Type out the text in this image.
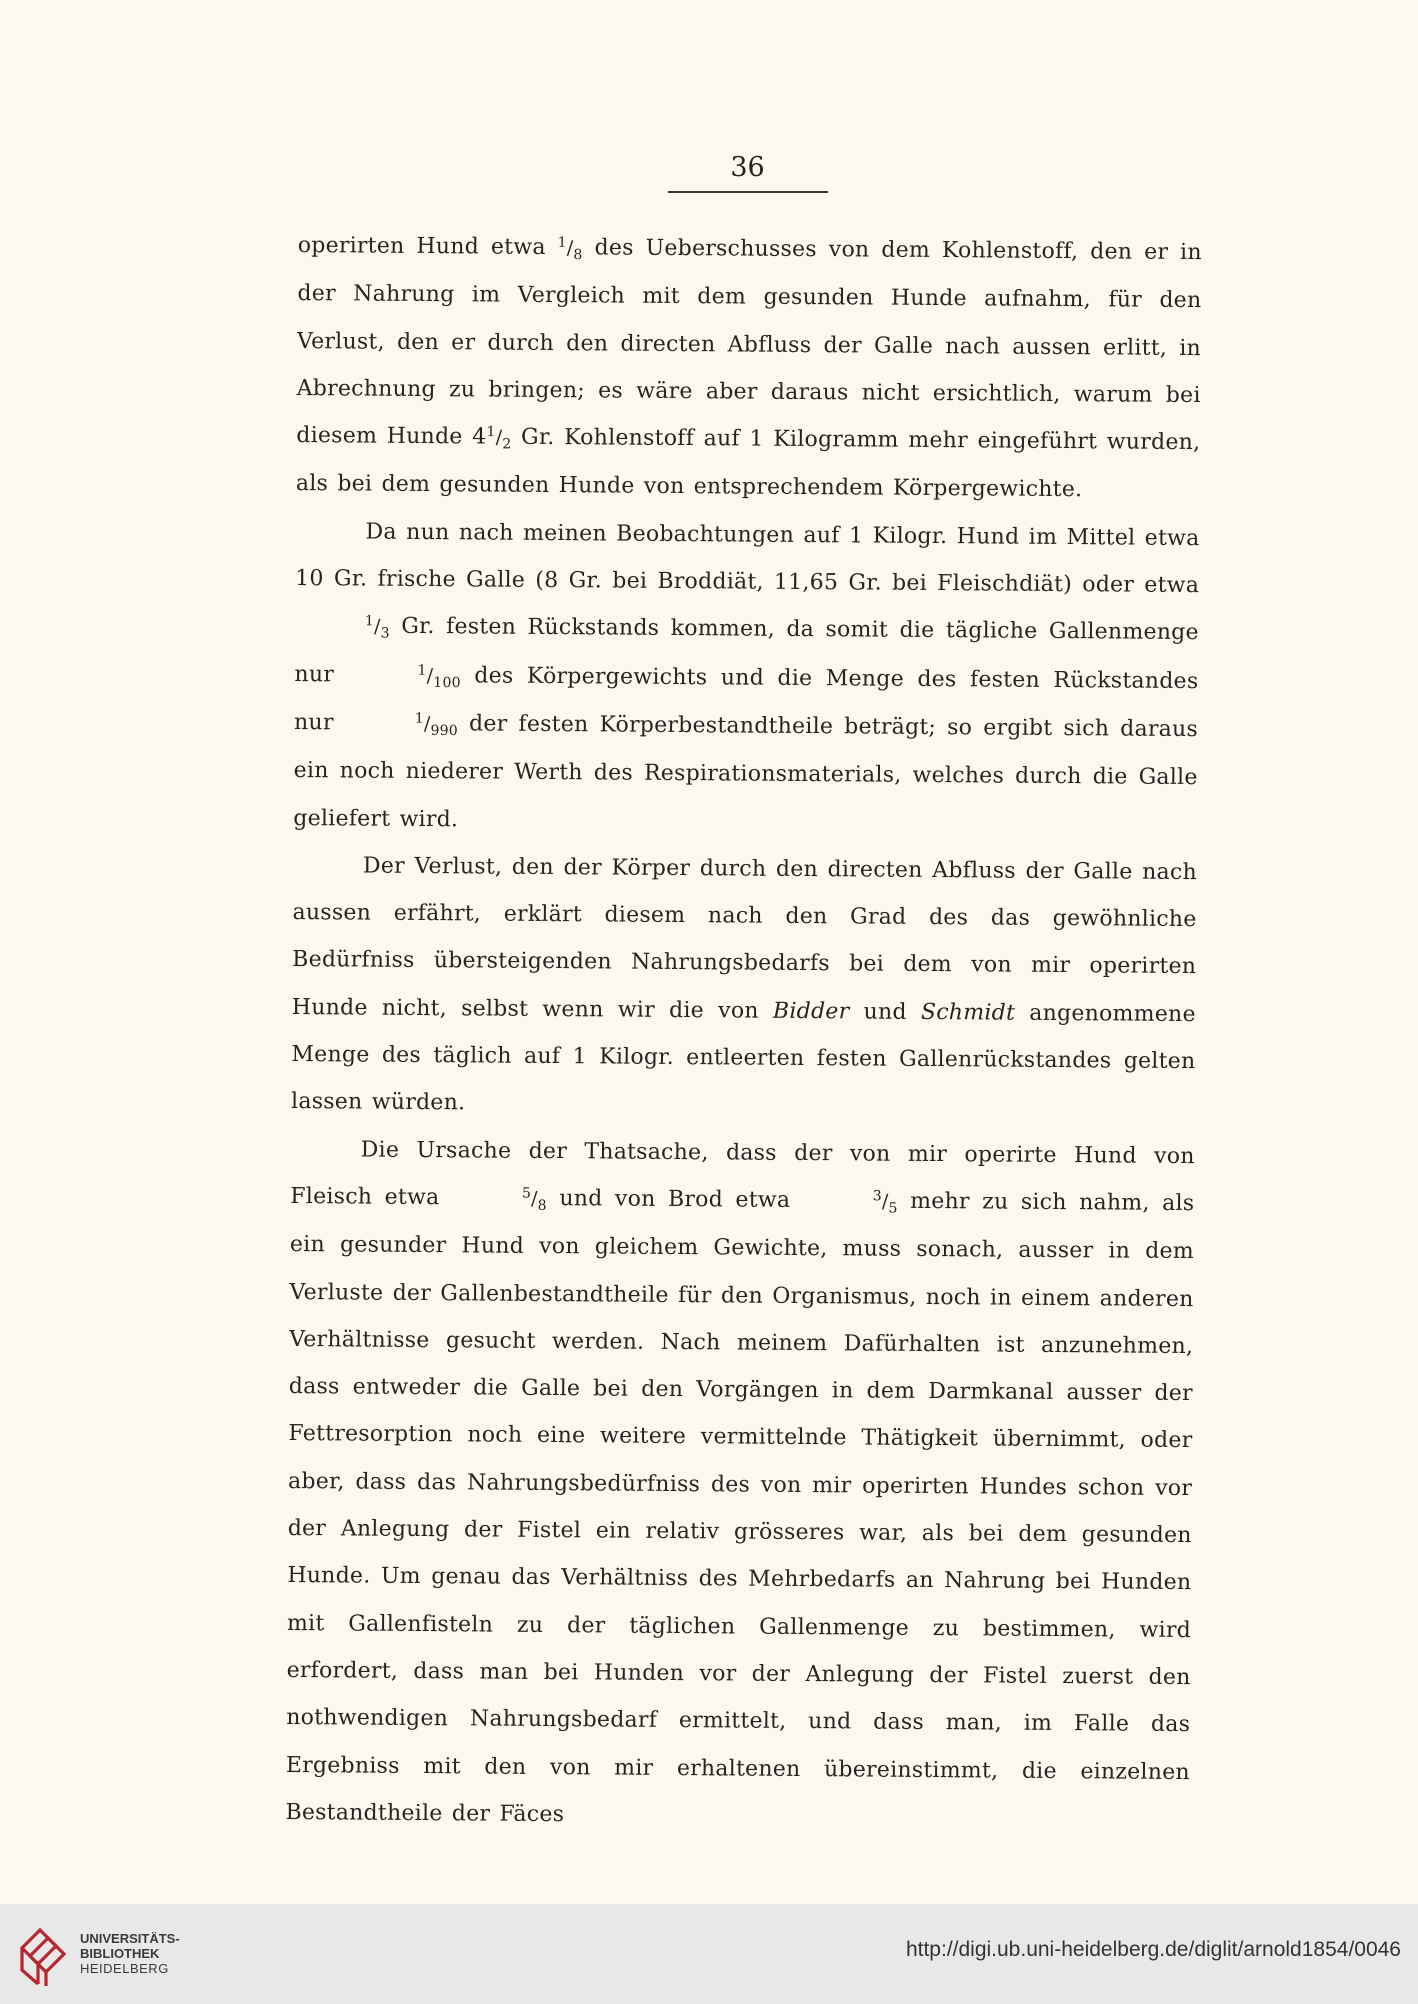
36

operirten Hund etwa $^1/_8$ des Ueberschusses von dem Kohlenstoff, den er in der Nahrung im Vergleich mit dem gesunden Hunde aufnahm, für den Verlust, den er durch den directen Abfluss der Galle nach aussen erlitt, in Abrechnung zu bringen; es wäre aber daraus nicht ersichtlich, warum bei diesem Hunde $4^1/_2$ Gr. Kohlenstoff auf 1 Kilogramm mehr eingeführt wurden, als bei dem gesunden Hunde von entsprechendem Körpergewichte.

Da nun nach meinen Beobachtungen auf 1 Kilogr. Hund im Mittel etwa 10 Gr. frische Galle (8 Gr. bei Broddiät, 11,65 Gr. bei Fleischdiät) oder etwa $^1/_3$ Gr. festen Rückstands kommen, da somit die tägliche Gallenmenge nur	$^1/_{100}$ des Körpergewichts und die Menge des festen Rückstandes nur	$^1/_{990}$ der festen Körperbestandtheile beträgt; so ergibt sich daraus ein noch niederer Werth des Respirationsmaterials, welches durch die Galle geliefert wird.

Der Verlust, den der Körper durch den directen Abfluss der Galle nach aussen erfährt, erklärt diesem nach den Grad des das gewöhnliche Bedürfniss übersteigenden Nahrungsbedarfs bei dem von mir operirten Hunde nicht, selbst wenn wir die von Bidder und Schmidt angenommene Menge des täglich auf 1 Kilogr. entleerten festen Gallenrückstandes gelten lassen würden.

Die Ursache der Thatsache, dass der von mir operirte Hund von Fleisch etwa	$^5/_8$ und von Brod etwa	$^3/_5$ mehr zu sich nahm, als ein gesunder Hund von gleichem Gewichte, muss sonach, ausser in dem Verluste der Gallenbestandtheile für den Organismus, noch in einem anderen Verhältnisse gesucht werden. Nach meinem Dafürhalten ist anzunehmen, dass entweder die Galle bei den Vorgängen in dem Darmkanal ausser der Fettresorption noch eine weitere vermittelnde Thätigkeit übernimmt, oder aber, dass das Nahrungsbedürfniss des von mir operirten Hundes schon vor der Anlegung der Fistel ein relativ grösseres war, als bei dem gesunden Hunde. Um genau das Verhältniss des Mehrbedarfs an Nahrung bei Hunden mit Gallenfisteln zu der täglichen Gallenmenge zu bestimmen, wird erfordert, dass man bei Hunden vor der Anlegung der Fistel zuerst den nothwendigen Nahrungsbedarf ermittelt, und dass man, im Falle das Ergebniss mit den von mir erhaltenen übereinstimmt, die einzelnen Bestandtheile der Fäces

UNIVERSITÄTS-
BIBLIOTHEK
HEIDELBERG
http://digi.ub.uni-heidelberg.de/diglit/arnold1854/0046
